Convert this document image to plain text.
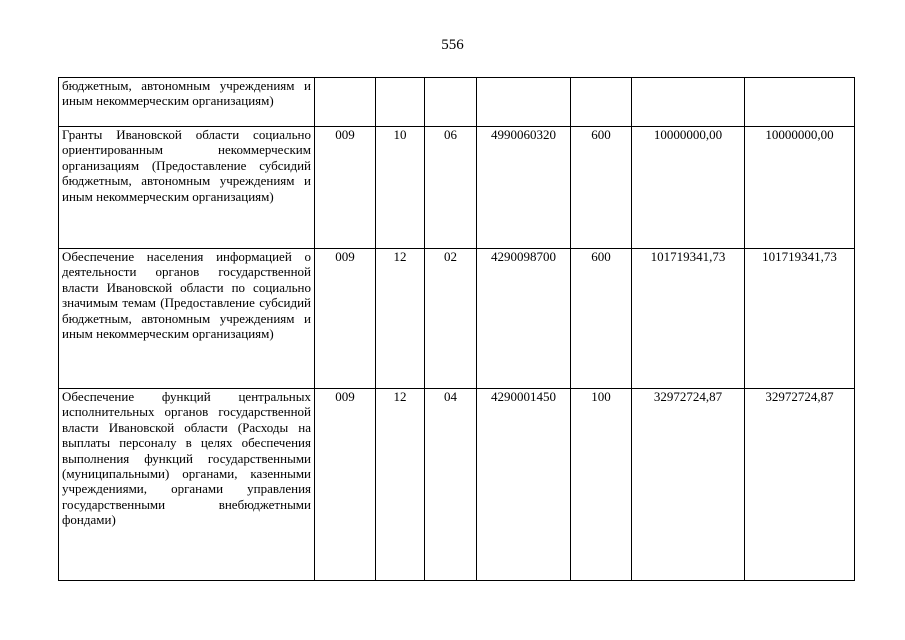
556
бюджетным, автономным учреждениям и иным некоммерческим организациям)							
Гранты Ивановской области социально ориентированным некоммерческим организациям (Предоставление субсидий бюджетным, автономным учреждениям и иным некоммерческим организациям)	009	10	06	4990060320	600	10000000,00	10000000,00
Обеспечение населения информацией о деятельности органов государственной власти Ивановской области по социально значимым темам (Предоставление субсидий бюджетным, автономным учреждениям и иным некоммерческим организациям)	009	12	02	4290098700	600	101719341,73	101719341,73
Обеспечение функций центральных исполнительных органов государственной власти Ивановской области (Расходы на выплаты персоналу в целях обеспечения выполнения функций государственными (муниципальными) органами, казенными учреждениями, органами управления государственными внебюджетными фондами)	009	12	04	4290001450	100	32972724,87	32972724,87
